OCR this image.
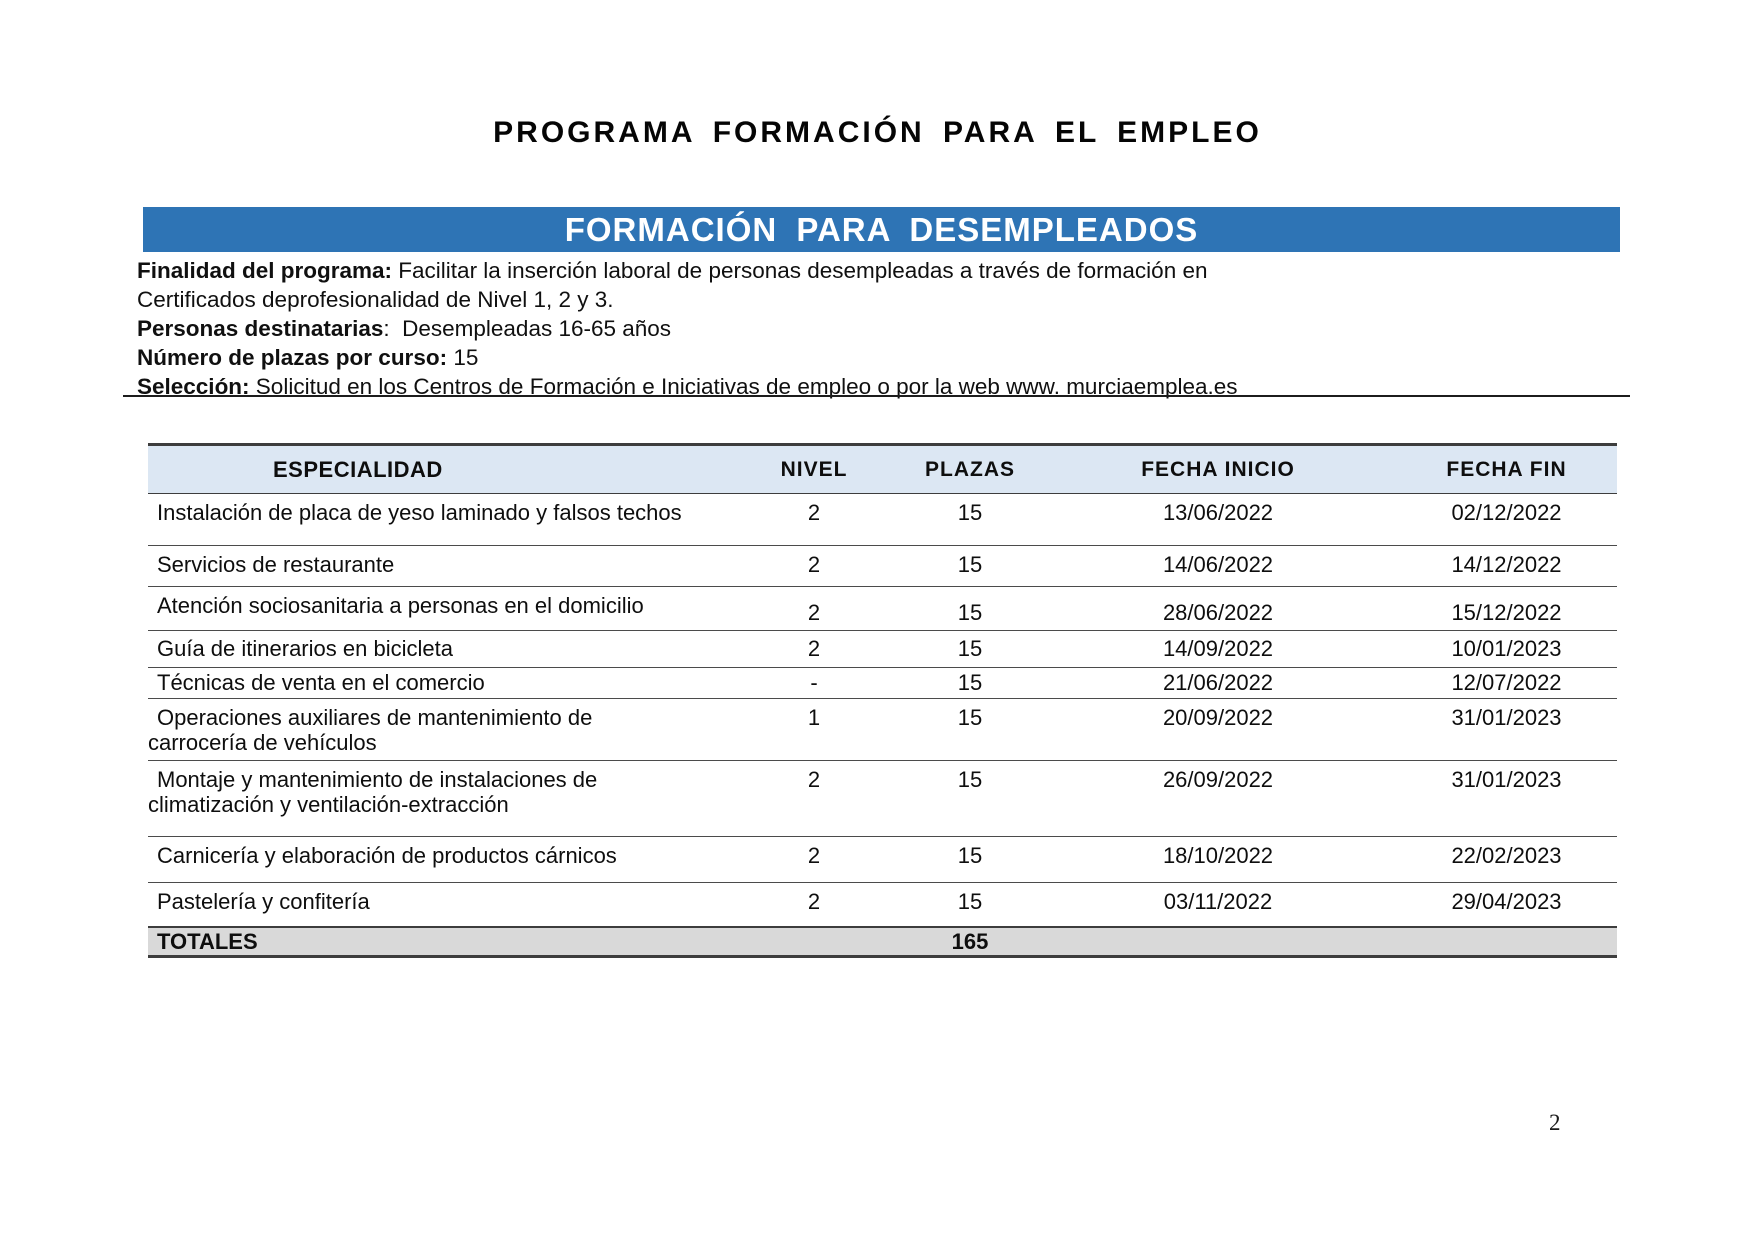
PROGRAMA FORMACIÓN PARA EL EMPLEO
FORMACIÓN PARA DESEMPLEADOS
Finalidad del programa: Facilitar la inserción laboral de personas desempleadas a través de formación en
Certificados deprofesionalidad de Nivel 1, 2 y 3.
Personas destinatarias:  Desempleadas 16-65 años
Número de plazas por curso: 15
Selección: Solicitud en los Centros de Formación e Iniciativas de empleo o por la web www. murciaemplea.es
ESPECIALIDAD	NIVEL	PLAZAS	FECHA INICIO	FECHA FIN
Instalación de placa de yeso laminado y falsos techos	2	15	13/06/2022	02/12/2022
Servicios de restaurante	2	15	14/06/2022	14/12/2022
Atención sociosanitaria a personas en el domicilio	2	15	28/06/2022	15/12/2022
Guía de itinerarios en bicicleta	2	15	14/09/2022	10/01/2023
Técnicas de venta en el comercio	-	15	21/06/2022	12/07/2022
Operaciones auxiliares de mantenimiento de carrocería de vehículos	1	15	20/09/2022	31/01/2023
Montaje y mantenimiento de instalaciones de climatización y ventilación-extracción	2	15	26/09/2022	31/01/2023
Carnicería y elaboración de productos cárnicos	2	15	18/10/2022	22/02/2023
Pastelería y confitería	2	15	03/11/2022	29/04/2023
TOTALES		165		
2
